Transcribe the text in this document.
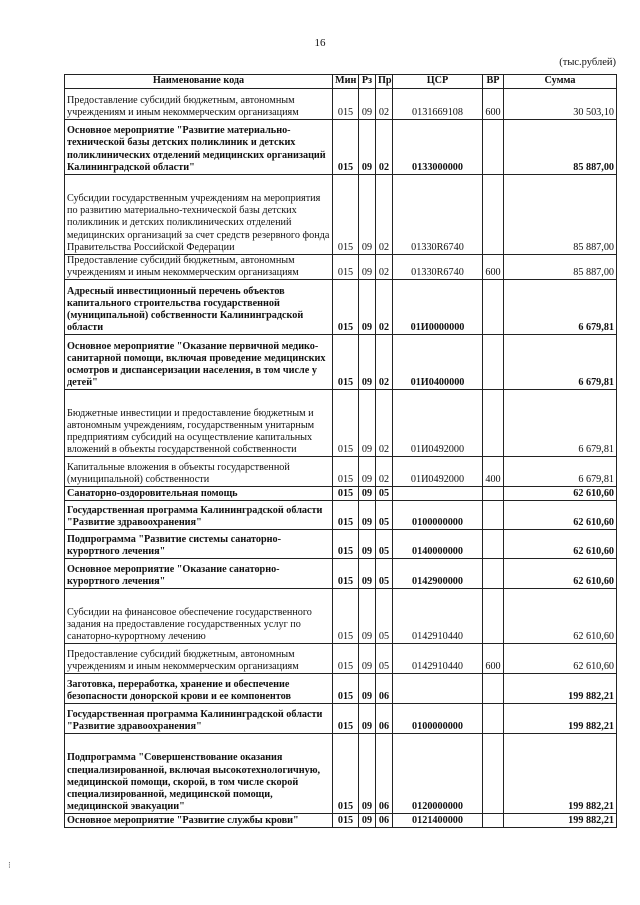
16
(тыс.рублей)
Наименование кода	Мин	Рз	Пр	ЦСР	ВР	Сумма
Предоставление субсидий бюджетным, автономным учреждениям и иным некоммерческим организациям	015	09	02	0131669108	600	30 503,10
Основное мероприятие "Развитие материально-технической базы детских поликлиник и детских поликлинических отделений медицинских организаций Калининградской области"	015	09	02	0133000000		85 887,00
Субсидии государственным учреждениям на мероприятия по развитию материально-технической базы детских поликлиник и детских поликлинических отделений медицинских организаций за счет средств резервного фонда Правительства Российской Федерации	015	09	02	01330R6740		85 887,00
Предоставление субсидий бюджетным, автономным учреждениям и иным некоммерческим организациям	015	09	02	01330R6740	600	85 887,00
Адресный инвестиционный перечень объектов капитального строительства государственной (муниципальной) собственности Калининградской области	015	09	02	01И0000000		6 679,81
Основное мероприятие "Оказание первичной медико-санитарной помощи, включая проведение медицинских осмотров и диспансеризации населения, в том числе у детей"	015	09	02	01И0400000		6 679,81
Бюджетные инвестиции и предоставление бюджетным и автономным учреждениям, государственным унитарным предприятиям субсидий на осуществление капитальных вложений в объекты государственной собственности	015	09	02	01И0492000		6 679,81
Капитальные вложения в объекты государственной (муниципальной) собственности	015	09	02	01И0492000	400	6 679,81
Санаторно-оздоровительная помощь	015	09	05			62 610,60
Государственная программа Калининградской области "Развитие здравоохранения"	015	09	05	0100000000		62 610,60
Подпрограмма "Развитие системы санаторно-курортного лечения"	015	09	05	0140000000		62 610,60
Основное мероприятие "Оказание санаторно-курортного лечения"	015	09	05	0142900000		62 610,60
Субсидии на финансовое обеспечение государственного задания на предоставление государственных услуг по санаторно-курортному лечению	015	09	05	0142910440		62 610,60
Предоставление субсидий бюджетным, автономным учреждениям и иным некоммерческим организациям	015	09	05	0142910440	600	62 610,60
Заготовка, переработка, хранение и обеспечение безопасности донорской крови и ее компонентов	015	09	06			199 882,21
Государственная программа Калининградской области "Развитие здравоохранения"	015	09	06	0100000000		199 882,21
Подпрограмма "Совершенствование оказания специализированной, включая высокотехнологичную, медицинской помощи, скорой, в том числе скорой специализированной, медицинской помощи, медицинской эвакуации"	015	09	06	0120000000		199 882,21
Основное мероприятие "Развитие службы крови"	015	09	06	0121400000		199 882,21
⁝
